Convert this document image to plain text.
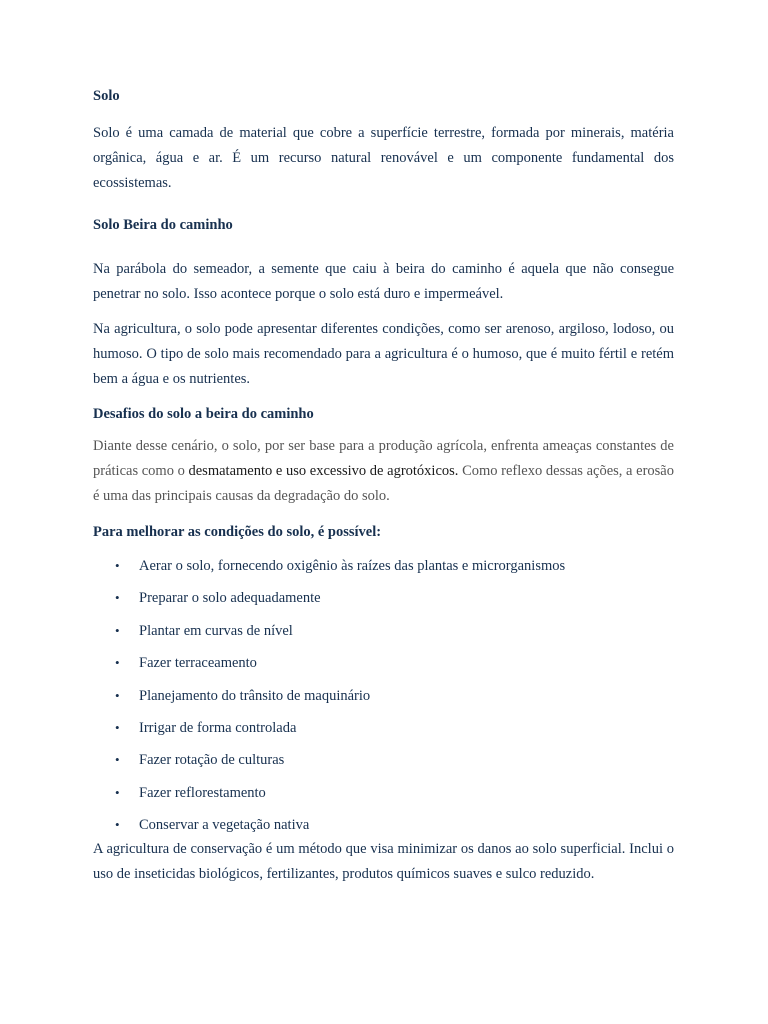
Solo

Solo é uma camada de material que cobre a superfície terrestre, formada por minerais, matéria orgânica, água e ar. É um recurso natural renovável e um componente fundamental dos ecossistemas.

Solo Beira do caminho

Na parábola do semeador, a semente que caiu à beira do caminho é aquela que não consegue penetrar no solo. Isso acontece porque o solo está duro e impermeável.

Na agricultura, o solo pode apresentar diferentes condições, como ser arenoso, argiloso, lodoso, ou humoso. O tipo de solo mais recomendado para a agricultura é o humoso, que é muito fértil e retém bem a água e os nutrientes.

Desafios do solo a beira do caminho

Diante desse cenário, o solo, por ser base para a produção agrícola, enfrenta ameaças constantes de práticas como o desmatamento e uso excessivo de agrotóxicos. Como reflexo dessas ações, a erosão é uma das principais causas da degradação do solo.

Para melhorar as condições do solo, é possível:

• Aerar o solo, fornecendo oxigênio às raízes das plantas e microrganismos
• Preparar o solo adequadamente
• Plantar em curvas de nível
• Fazer terraceamento
• Planejamento do trânsito de maquinário
• Irrigar de forma controlada
• Fazer rotação de culturas
• Fazer reflorestamento
• Conservar a vegetação nativa

A agricultura de conservação é um método que visa minimizar os danos ao solo superficial. Inclui o uso de inseticidas biológicos, fertilizantes, produtos químicos suaves e sulco reduzido.
